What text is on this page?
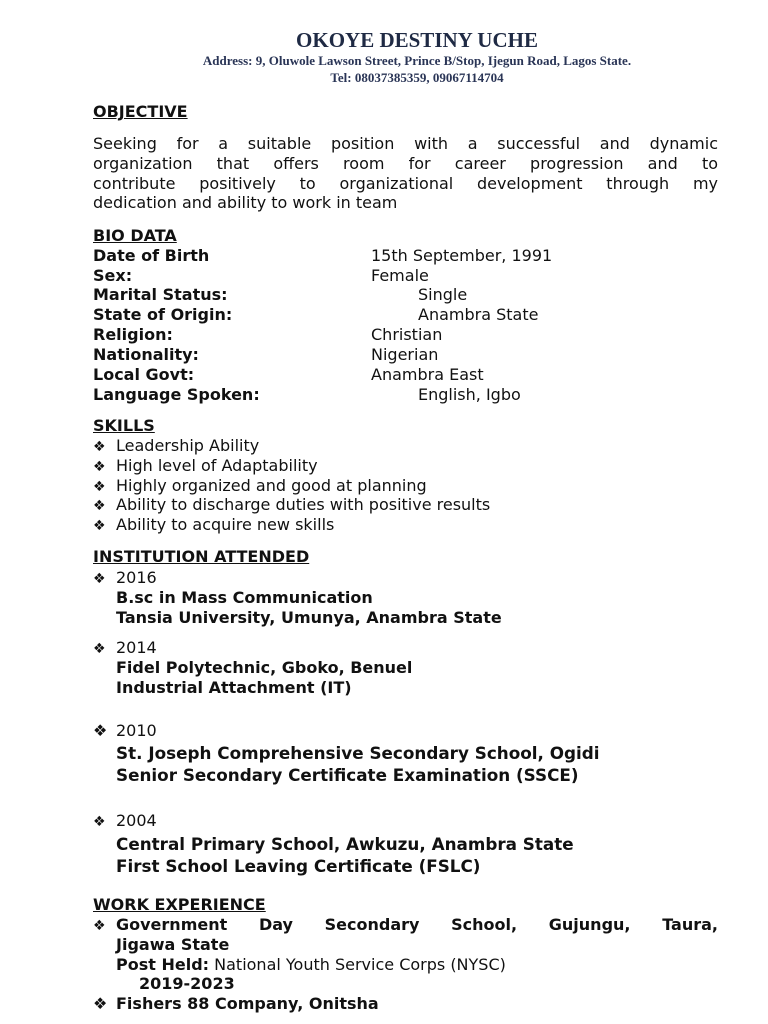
OKOYE DESTINY UCHE
Address: 9, Oluwole Lawson Street, Prince B/Stop, Ijegun Road, Lagos State.
Tel: 08037385359, 09067114704
OBJECTIVE
Seeking for a suitable position with a successful and dynamic
organization that offers room for career progression and to
contribute positively to organizational development through my
dedication and ability to work in team
BIO DATA
Date of Birth	15th September, 1991
Sex:	Female
Marital Status:	Single
State of Origin:	Anambra State
Religion:	Christian
Nationality:	Nigerian
Local Govt:	Anambra East
Language Spoken:	English, Igbo
SKILLS
❖ Leadership Ability
❖ High level of Adaptability
❖ Highly organized and good at planning
❖ Ability to discharge duties with positive results
❖ Ability to acquire new skills
INSTITUTION ATTENDED
❖ 2016
B.sc in Mass Communication
Tansia University, Umunya, Anambra State
❖ 2014
Fidel Polytechnic, Gboko, Benuel
Industrial Attachment (IT)
❖ 2010
St. Joseph Comprehensive Secondary School, Ogidi
Senior Secondary Certificate Examination (SSCE)
❖ 2004
Central Primary School, Awkuzu, Anambra State
First School Leaving Certificate (FSLC)
WORK EXPERIENCE
❖ Government Day Secondary School, Gujungu, Taura,
Jigawa State
Post Held: National Youth Service Corps (NYSC)
2019-2023
❖ Fishers 88 Company, Onitsha
